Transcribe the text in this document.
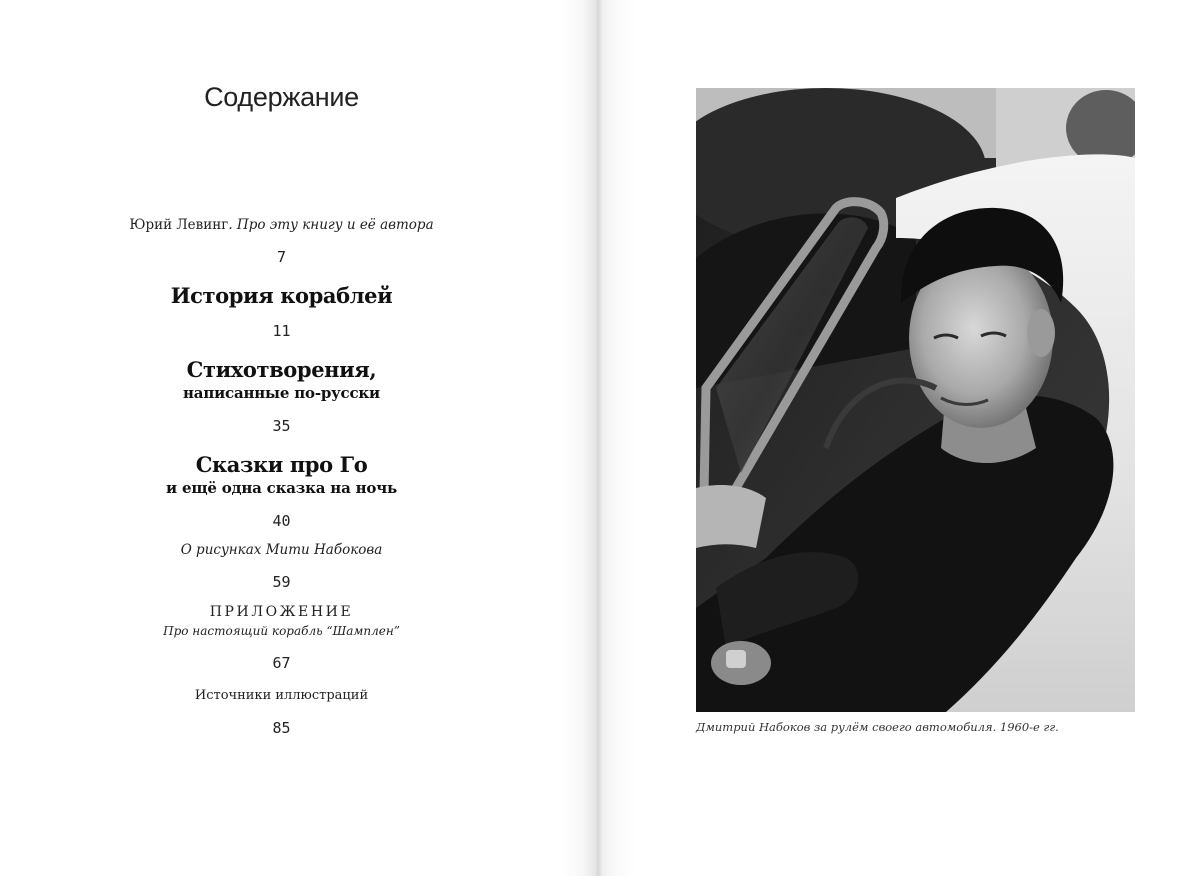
Содержание
Юрий Левинг. Про эту книгу и её автора
7
История кораблей
11
Стихотворения,
написанные по-русски
35
Сказки про Го
и ещё одна сказка на ночь
40
О рисунках Мити Набокова
59
ПРИЛОЖЕНИЕ
Про настоящий корабль “Шамплен”
67
Источники иллюстраций
85	Дмитрий Набоков за рулём своего автомобиля. 1960-е гг.
